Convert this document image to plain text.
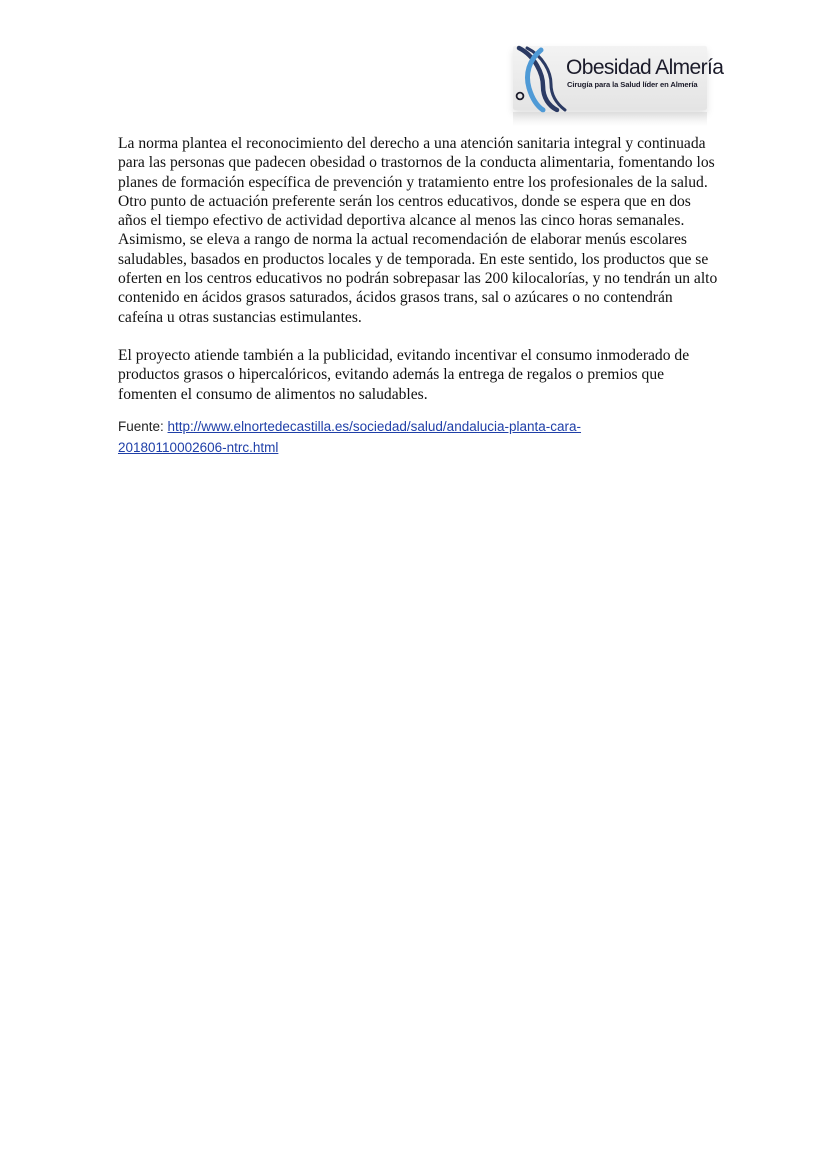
Obesidad Almería
Cirugía para la Salud líder en Almería

La norma plantea el reconocimiento del derecho a una atención sanitaria integral y continuada para las personas que padecen obesidad o trastornos de la conducta alimentaria, fomentando los planes de formación específica de prevención y tratamiento entre los profesionales de la salud. Otro punto de actuación preferente serán los centros educativos, donde se espera que en dos años el tiempo efectivo de actividad deportiva alcance al menos las cinco horas semanales. Asimismo, se eleva a rango de norma la actual recomendación de elaborar menús escolares saludables, basados en productos locales y de temporada. En este sentido, los productos que se oferten en los centros educativos no podrán sobrepasar las 200 kilocalorías, y no tendrán un alto contenido en ácidos grasos saturados, ácidos grasos trans, sal o azúcares o no contendrán cafeína u otras sustancias estimulantes.

El proyecto atiende también a la publicidad, evitando incentivar el consumo inmoderado de productos grasos o hipercalóricos, evitando además la entrega de regalos o premios que fomenten el consumo de alimentos no saludables.

Fuente: http://www.elnortedecastilla.es/sociedad/salud/andalucia-planta-cara-
20180110002606-ntrc.html
